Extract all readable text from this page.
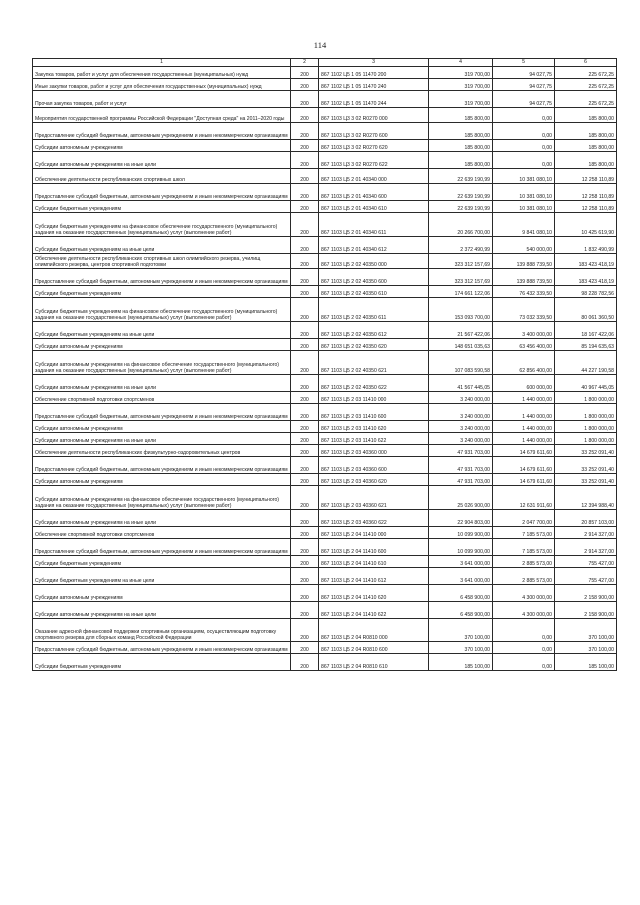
114
1	2	3	4	5	6
Закупка товаров, работ и услуг для обеспечения государственных (муниципальных) нужд	200	867 1102 Ц5 1 05 11470 200	319 700,00	94 027,75	225 672,25
Иные закупки товаров, работ и услуг для обеспечения государственных (муниципальных) нужд	200	867 1102 Ц5 1 05 11470 240	319 700,00	94 027,75	225 672,25
Прочая закупка товаров, работ и услуг	200	867 1102 Ц5 1 05 11470 244	319 700,00	94 027,75	225 672,25
Мероприятия государственной программы Российской Федерации "Доступная среда" на 2011–2020 годы	200	867 1103 Ц3 3 02 R0270 000	185 800,00	0,00	185 800,00
Предоставление субсидий бюджетным, автономным учреждениям и иным некоммерческим организациям	200	867 1103 Ц3 3 02 R0270 600	185 800,00	0,00	185 800,00
Субсидии автономным учреждениям	200	867 1103 Ц3 3 02 R0270 620	185 800,00	0,00	185 800,00
Субсидии автономным учреждениям на иные цели	200	867 1103 Ц3 3 02 R0270 622	185 800,00	0,00	185 800,00
Обеспечение деятельности республиканских спортивных школ	200	867 1103 Ц5 2 01 40340 000	22 639 190,99	10 381 080,10	12 258 110,89
Предоставление субсидий бюджетным, автономным учреждениям и иным некоммерческим организациям	200	867 1103 Ц5 2 01 40340 600	22 639 190,99	10 381 080,10	12 258 110,89
Субсидии бюджетным учреждениям	200	867 1103 Ц5 2 01 40340 610	22 639 190,99	10 381 080,10	12 258 110,89
Субсидии бюджетным учреждениям на финансовое обеспечение государственного (муниципального) задания на оказание государственных (муниципальных) услуг (выполнение работ)	200	867 1103 Ц5 2 01 40340 611	20 266 700,00	9 841 080,10	10 425 619,90
Субсидии бюджетным учреждениям на иные цели	200	867 1103 Ц5 2 01 40340 612	2 372 490,99	540 000,00	1 832 490,99
Обеспечение деятельности республиканских спортивных школ олимпийского резерва, училищ олимпийского резерва, центров спортивной подготовки	200	867 1103 Ц5 2 02 40350 000	323 312 157,69	139 888 739,50	183 423 418,19
Предоставление субсидий бюджетным, автономным учреждениям и иным некоммерческим организациям	200	867 1103 Ц5 2 02 40350 600	323 312 157,69	139 888 739,50	183 423 418,19
Субсидии бюджетным учреждениям	200	867 1103 Ц5 2 02 40350 610	174 661 122,06	76 432 339,50	98 228 782,56
Субсидии бюджетным учреждениям на финансовое обеспечение государственного (муниципального) задания на оказание государственных (муниципальных) услуг (выполнение работ)	200	867 1103 Ц5 2 02 40350 611	153 093 700,00	73 032 339,50	80 061 360,50
Субсидии бюджетным учреждениям на иные цели	200	867 1103 Ц5 2 02 40350 612	21 567 422,06	3 400 000,00	18 167 422,06
Субсидии автономным учреждениям	200	867 1103 Ц5 2 02 40350 620	148 651 035,63	63 456 400,00	85 194 635,63
Субсидии автономным учреждениям на финансовое обеспечение государственного (муниципального) задания на оказание государственных (муниципальных) услуг (выполнение работ)	200	867 1103 Ц5 2 02 40350 621	107 083 590,58	62 856 400,00	44 227 190,58
Субсидии автономным учреждениям на иные цели	200	867 1103 Ц5 2 02 40350 622	41 567 445,05	600 000,00	40 967 445,05
Обеспечение спортивной подготовки спортсменов	200	867 1103 Ц5 2 03 11410 000	3 240 000,00	1 440 000,00	1 800 000,00
Предоставление субсидий бюджетным, автономным учреждениям и иным некоммерческим организациям	200	867 1103 Ц5 2 03 11410 600	3 240 000,00	1 440 000,00	1 800 000,00
Субсидии автономным учреждениям	200	867 1103 Ц5 2 03 11410 620	3 240 000,00	1 440 000,00	1 800 000,00
Субсидии автономным учреждениям на иные цели	200	867 1103 Ц5 2 03 11410 622	3 240 000,00	1 440 000,00	1 800 000,00
Обеспечение деятельности республиканских физкультурно-оздоровительных центров	200	867 1103 Ц5 2 03 40360 000	47 931 703,00	14 679 611,60	33 252 091,40
Предоставление субсидий бюджетным, автономным учреждениям и иным некоммерческим организациям	200	867 1103 Ц5 2 03 40360 600	47 931 703,00	14 679 611,60	33 252 091,40
Субсидии автономным учреждениям	200	867 1103 Ц5 2 03 40360 620	47 931 703,00	14 679 611,60	33 252 091,40
Субсидии автономным учреждениям на финансовое обеспечение государственного (муниципального) задания на оказание государственных (муниципальных) услуг (выполнение работ)	200	867 1103 Ц5 2 03 40360 621	25 026 900,00	12 631 911,60	12 394 988,40
Субсидии автономным учреждениям на иные цели	200	867 1103 Ц5 2 03 40360 622	22 904 803,00	2 047 700,00	20 857 103,00
Обеспечение спортивной подготовки спортсменов	200	867 1103 Ц5 2 04 11410 000	10 099 900,00	7 185 573,00	2 914 327,00
Предоставление субсидий бюджетным, автономным учреждениям и иным некоммерческим организациям	200	867 1103 Ц5 2 04 11410 600	10 099 900,00	7 185 573,00	2 914 327,00
Субсидии бюджетным учреждениям	200	867 1103 Ц5 2 04 11410 610	3 641 000,00	2 885 573,00	755 427,00
Субсидии бюджетным учреждениям на иные цели	200	867 1103 Ц5 2 04 11410 612	3 641 000,00	2 885 573,00	755 427,00
Субсидии автономным учреждениям	200	867 1103 Ц5 2 04 11410 620	6 458 900,00	4 300 000,00	2 158 900,00
Субсидии автономным учреждениям на иные цели	200	867 1103 Ц5 2 04 11410 622	6 458 900,00	4 300 000,00	2 158 900,00
Оказание адресной финансовой поддержки спортивным организациям, осуществляющим подготовку спортивного резерва для сборных команд Российской Федерации	200	867 1103 Ц5 2 04 R0810 000	370 100,00	0,00	370 100,00
Предоставление субсидий бюджетным, автономным учреждениям и иным некоммерческим организациям	200	867 1103 Ц5 2 04 R0810 600	370 100,00	0,00	370 100,00
Субсидии бюджетным учреждениям	200	867 1103 Ц5 2 04 R0810 610	185 100,00	0,00	185 100,00
